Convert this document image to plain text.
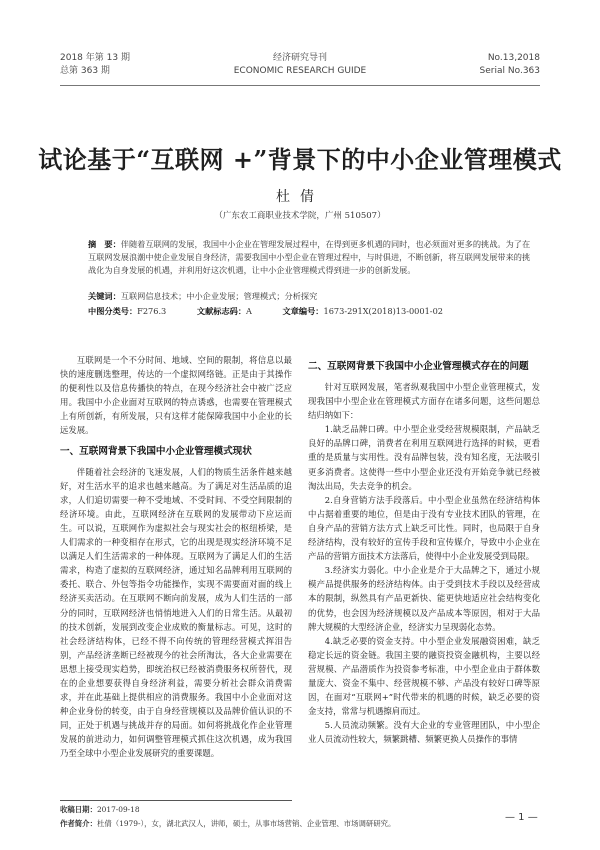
2018 年第 13 期
总第 363 期
经济研究导刊
ECONOMIC RESEARCH GUIDE
No.13,2018
Serial No.363
试论基于“互联网 +”背景下的中小企业管理模式
杜倩
（广东农工商职业技术学院，广州 510507）
摘　要：伴随着互联网的发展，我国中小企业在管理发展过程中，在得到更多机遇的同时，也必须面对更多的挑战。为了在互联网发展浪潮中使企业发展自身经济，需要我国中小型企业在管理过程中，与时俱进，不断创新，将互联网发展带来的挑战化为自身发展的机遇，并利用好这次机遇，让中小企业管理模式得到进一步的创新发展。
关键词：互联网信息技术；中小企业发展；管理模式；分析探究
中图分类号：F276.3	文献标志码：A	文章编号：1673-291X(2018)13-0001-02

互联网是一个不分时间、地域、空间的限制，将信息以最快的速度删选整理，传达的一个虚拟网络链。正是由于其操作的便利性以及信息传播快的特点，在现今经济社会中被广泛应用。我国中小企业面对互联网的特点诱惑，也需要在管理模式上有所创新，有所发展，只有这样才能保障我国中小企业的长远发展。

一、互联网背景下我国中小企业管理模式现状

伴随着社会经济的飞速发展，人们的物质生活条件越来越好，对生活水平的追求也越来越高。为了满足对生活品质的追求，人们追切需要一种不受地域、不受时间、不受空间限制的经济环境。由此，互联网经济在互联网的发展带动下应运而生。可以说，互联网作为虚拟社会与现实社会的枢纽桥梁，是人们需求的一种变相存在形式，它的出现是现实经济环境不足以满足人们生活需求的一种体现。互联网为了满足人们的生活需求，构造了虚拟的互联网经济，通过知名品牌利用互联网的委托、联合、外包等指令功能操作，实现不需要面对面的线上经济买卖活动。在互联网不断向前发展，成为人们生活的一部分的同时，互联网经济也悄悄地进入人们的日常生活。从最初的技术创新，发展到改变企业成败的衡量标志。可见，这时的社会经济结构体，已经不得不向传统的管理经营模式挥泪告别，产品经济垄断已经被现今的社会所淘汰，各大企业需要在思想上接受现实趋势，即统治权已经被消费服务权所替代，现在的企业想要获得自身经济利益，需要分析社会群众消费需求，并在此基础上提供相应的消费服务。我国中小企业面对这种企业身份的转变，由于自身经营规模以及品牌价值认识的不同，正处于机遇与挑战并存的局面。如何将挑战化作企业管理发展的前进动力，如何调整管理模式抓住这次机遇，成为我国乃至全球中小型企业发展研究的重要课题。

二、互联网背景下我国中小企业管理模式存在的问题

针对互联网发展，笔者纵观我国中小型企业管理模式，发现我国中小型企业在管理模式方面存在诸多问题，这些问题总结归纳如下：

1.缺乏品牌口碑。中小型企业受经营规模限制，产品缺乏良好的品牌口碑，消费者在利用互联网进行选择的时候，更看重的是质量与实用性。没有品牌包装，没有知名度，无法吸引更多消费者。这使得一些中小型企业还没有开始竞争就已经被淘汰出局，失去竞争的机会。

2.自身营销方法手段落后。中小型企业虽然在经济结构体中占据着重要的地位，但是由于没有专业技术团队的管理，在自身产品的营销方法方式上缺乏可比性。同时，也局限于自身经济结构，没有较好的宣传手段和宣传媒介，导致中小企业在产品的营销方面技术方法落后，使得中小企业发展受到局限。

3.经济实力弱化。中小企业是介于大品牌之下，通过小规模产品提供服务的经济结构体。由于受到技术手段以及经营成本的限制，纵然具有产品更新快、能更快地适应社会结构变化的优势，也会因为经济规模以及产品成本等原因，相对于大品牌大规模的大型经济企业，经济实力呈现弱化态势。

4.缺乏必要的资金支持。中小型企业发展融资困难，缺乏稳定长远的资金链。我国主要的融资投资金融机构，主要以经营规模、产品潜质作为投资参考标准，中小型企业由于群体数量庞大、资金不集中、经营规模不够、产品没有较好口碑等原因，在面对“互联网+”时代带来的机遇的时候，缺乏必要的资金支持，常常与机遇擦肩而过。

5.人员流动频繁。没有大企业的专业管理团队，中小型企业人员流动性较大，频繁跳槽、频繁更换人员操作的事情

收稿日期：2017-09-18
作者简介：杜倩（1979-），女，湖北武汉人，讲师，硕士，从事市场营销、企业管理、市场调研研究。
— 1 —
